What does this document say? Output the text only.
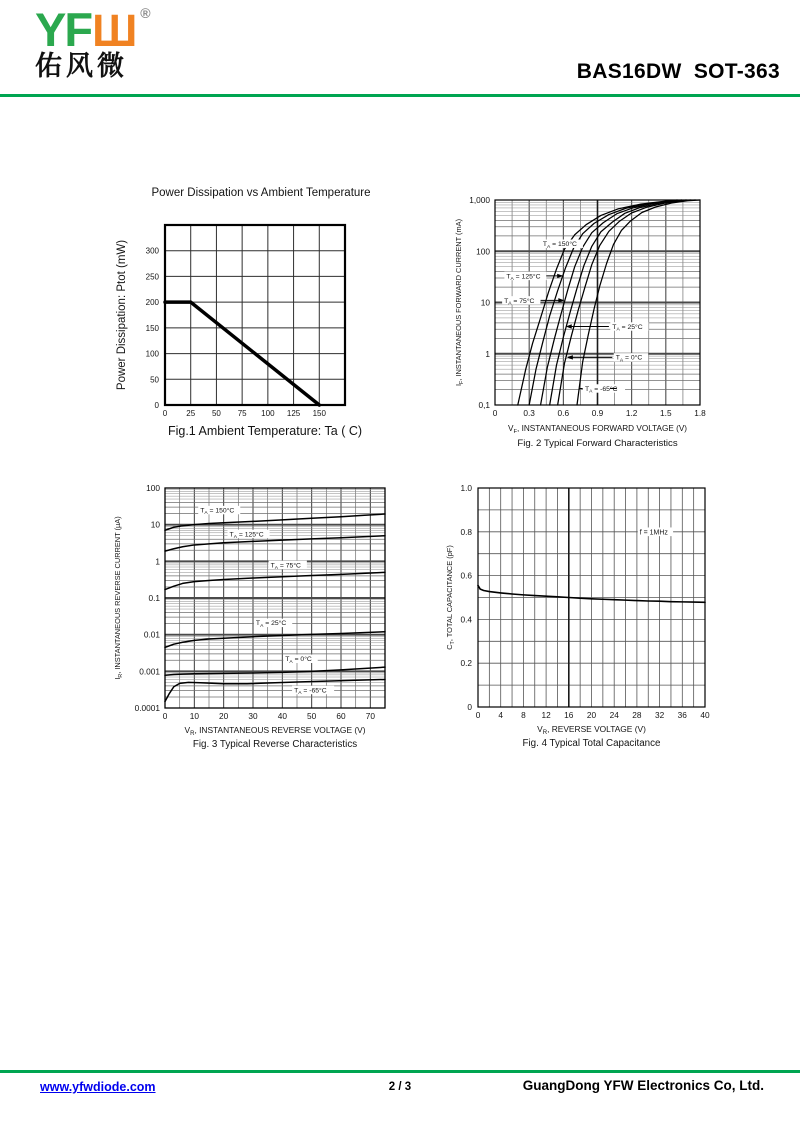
YFШ ®
佑风微	BAS16DW  SOT-363
0 25 50 75 100 125 150
0
50
100
150
200
250
300
Power Dissipation: Ptot (mW)
Fig.1 Ambient Temperature: Ta ( C)
Power Dissipation vs Ambient Temperature
$T_A = 150^\circ C$
$T_A = 125^\circ C$
$T_A = 75^\circ C$
$T_A = 25^\circ C$
$T_A = 0^\circ C$
$T_A = -65^\circ C$
0	0.3	0.6	0.9	1.2	1.5	1.8
0,1
1
10
100
1,000
$I_F$, INSTANTANEOUS FORWARD CURRENT (mA)
$V_F$, INSTANTANEOUS FORWARD VOLTAGE (V)
Fig. 2 Typical Forward Characteristics
$T_A = 150^\circ C$
$T_A = 125^\circ C$
$T_A = 75^\circ C$
$T_A = 25^\circ C$
$T_A = 0^\circ C$
$T_A = -65^\circ C$
0	10 20 30 40 50 60 70
0.0001
0.001
0.01
0.1
1
10
100
$I_R$, INSTANTANEOUS REVERSE CURRENT (µA)
$V_R$, INSTANTANEOUS REVERSE VOLTAGE (V)
Fig. 3 Typical Reverse Characteristics
f = 1MHz
0 4 8 12 16 20 24 28 32 36 40
0
0.2
0.4
0.6
0.8
1.0
$C_T$, TOTAL CAPACITANCE (pF)
$V_R$, REVERSE VOLTAGE (V)
Fig. 4 Typical Total Capacitance
www.yfwdiode.com	2 / 3	GuangDong YFW Electronics Co, Ltd.
